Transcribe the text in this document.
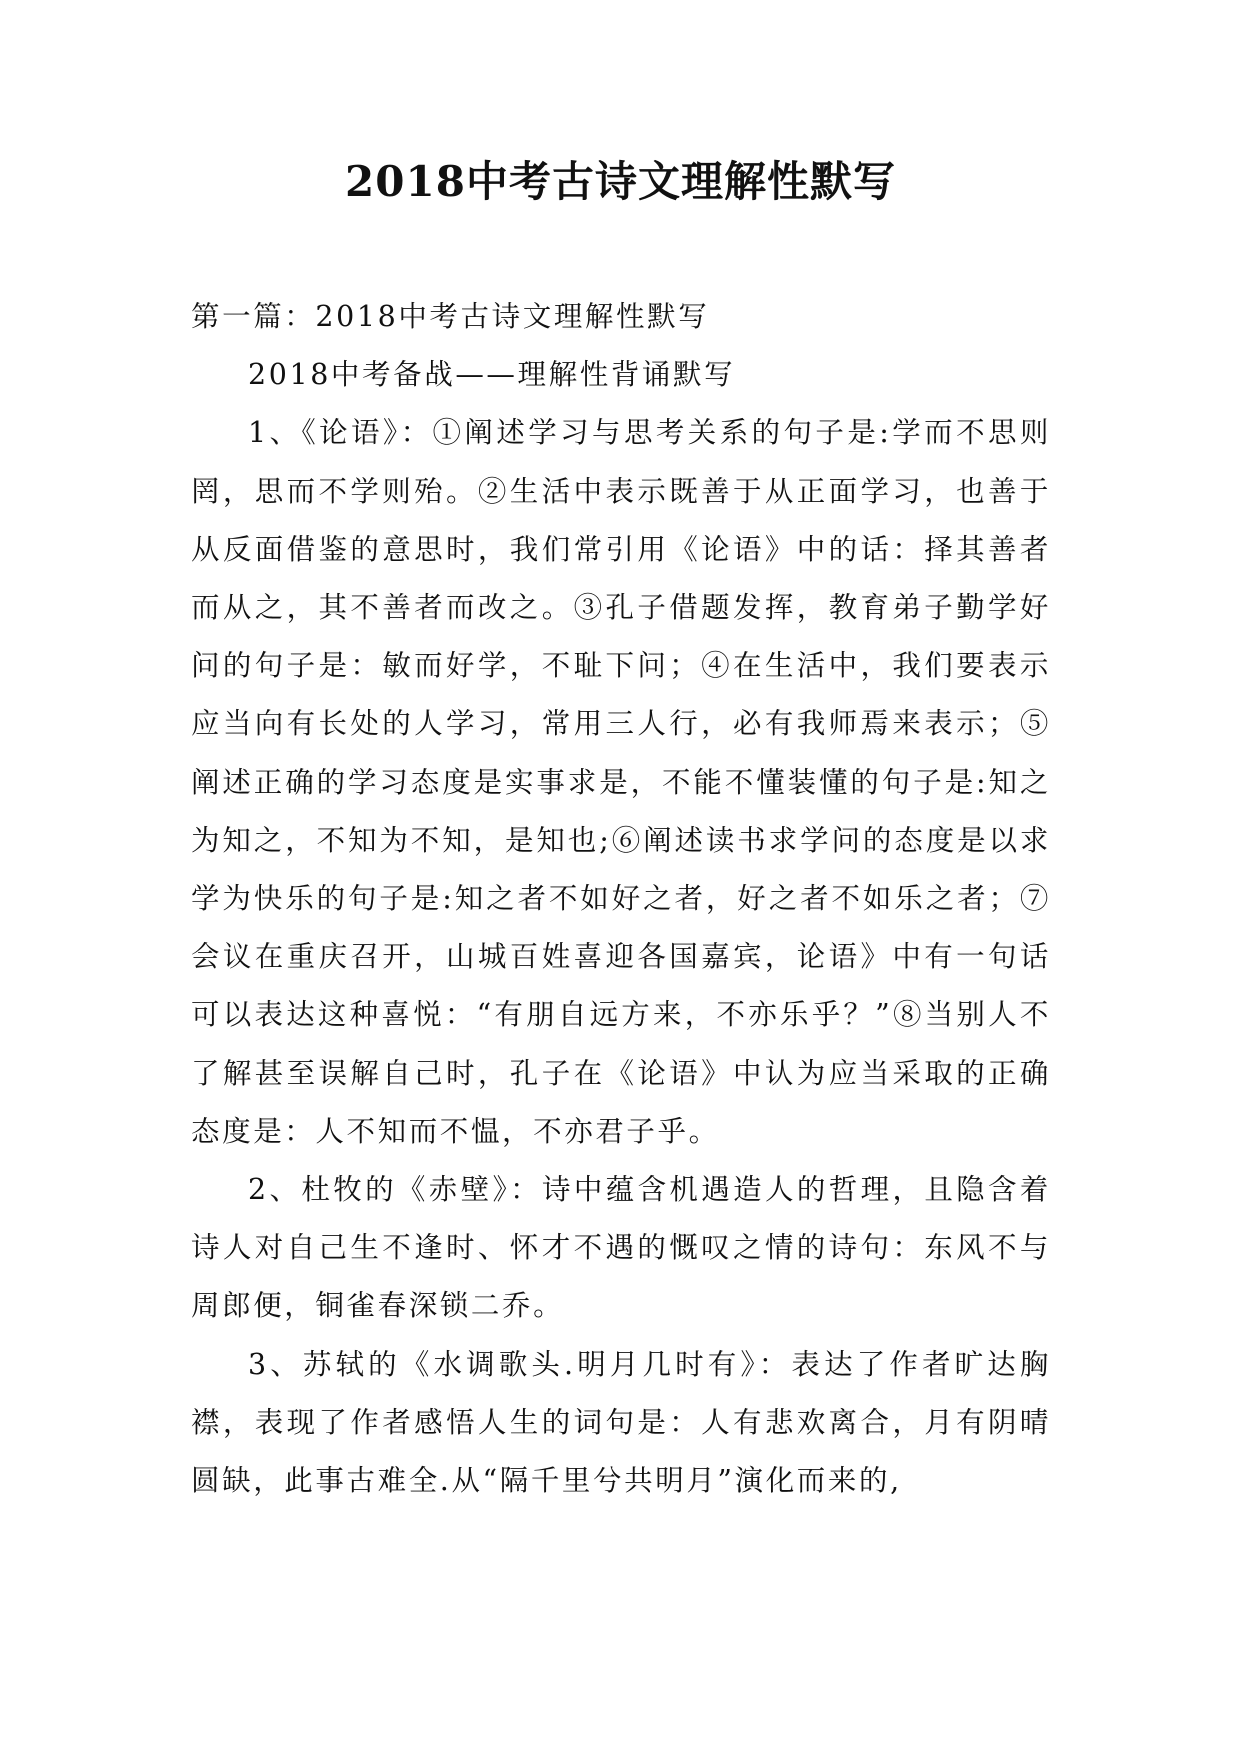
2018中考古诗文理解性默写

第一篇：2018中考古诗文理解性默写

2018中考备战——理解性背诵默写

1、《论语》：①阐述学习与思考关系的句子是:学而不思则罔，思而不学则殆。②生活中表示既善于从正面学习，也善于从反面借鉴的意思时，我们常引用《论语》中的话：择其善者而从之，其不善者而改之。③孔子借题发挥，教育弟子勤学好问的句子是：敏而好学，不耻下问；④在生活中，我们要表示应当向有长处的人学习，常用三人行，必有我师焉来表示；⑤阐述正确的学习态度是实事求是，不能不懂装懂的句子是:知之为知之，不知为不知，是知也;⑥阐述读书求学问的态度是以求学为快乐的句子是:知之者不如好之者，好之者不如乐之者；⑦会议在重庆召开，山城百姓喜迎各国嘉宾，论语》中有一句话可以表达这种喜悦：“有朋自远方来，不亦乐乎？”⑧当别人不了解甚至误解自己时，孔子在《论语》中认为应当采取的正确态度是：人不知而不愠，不亦君子乎。

2、杜牧的《赤壁》：诗中蕴含机遇造人的哲理，且隐含着诗人对自己生不逢时、怀才不遇的慨叹之情的诗句：东风不与周郎便，铜雀春深锁二乔。

3、苏轼的《水调歌头.明月几时有》：表达了作者旷达胸襟，表现了作者感悟人生的词句是：人有悲欢离合，月有阴晴圆缺，此事古难全.从“隔千里兮共明月”演化而来的,
